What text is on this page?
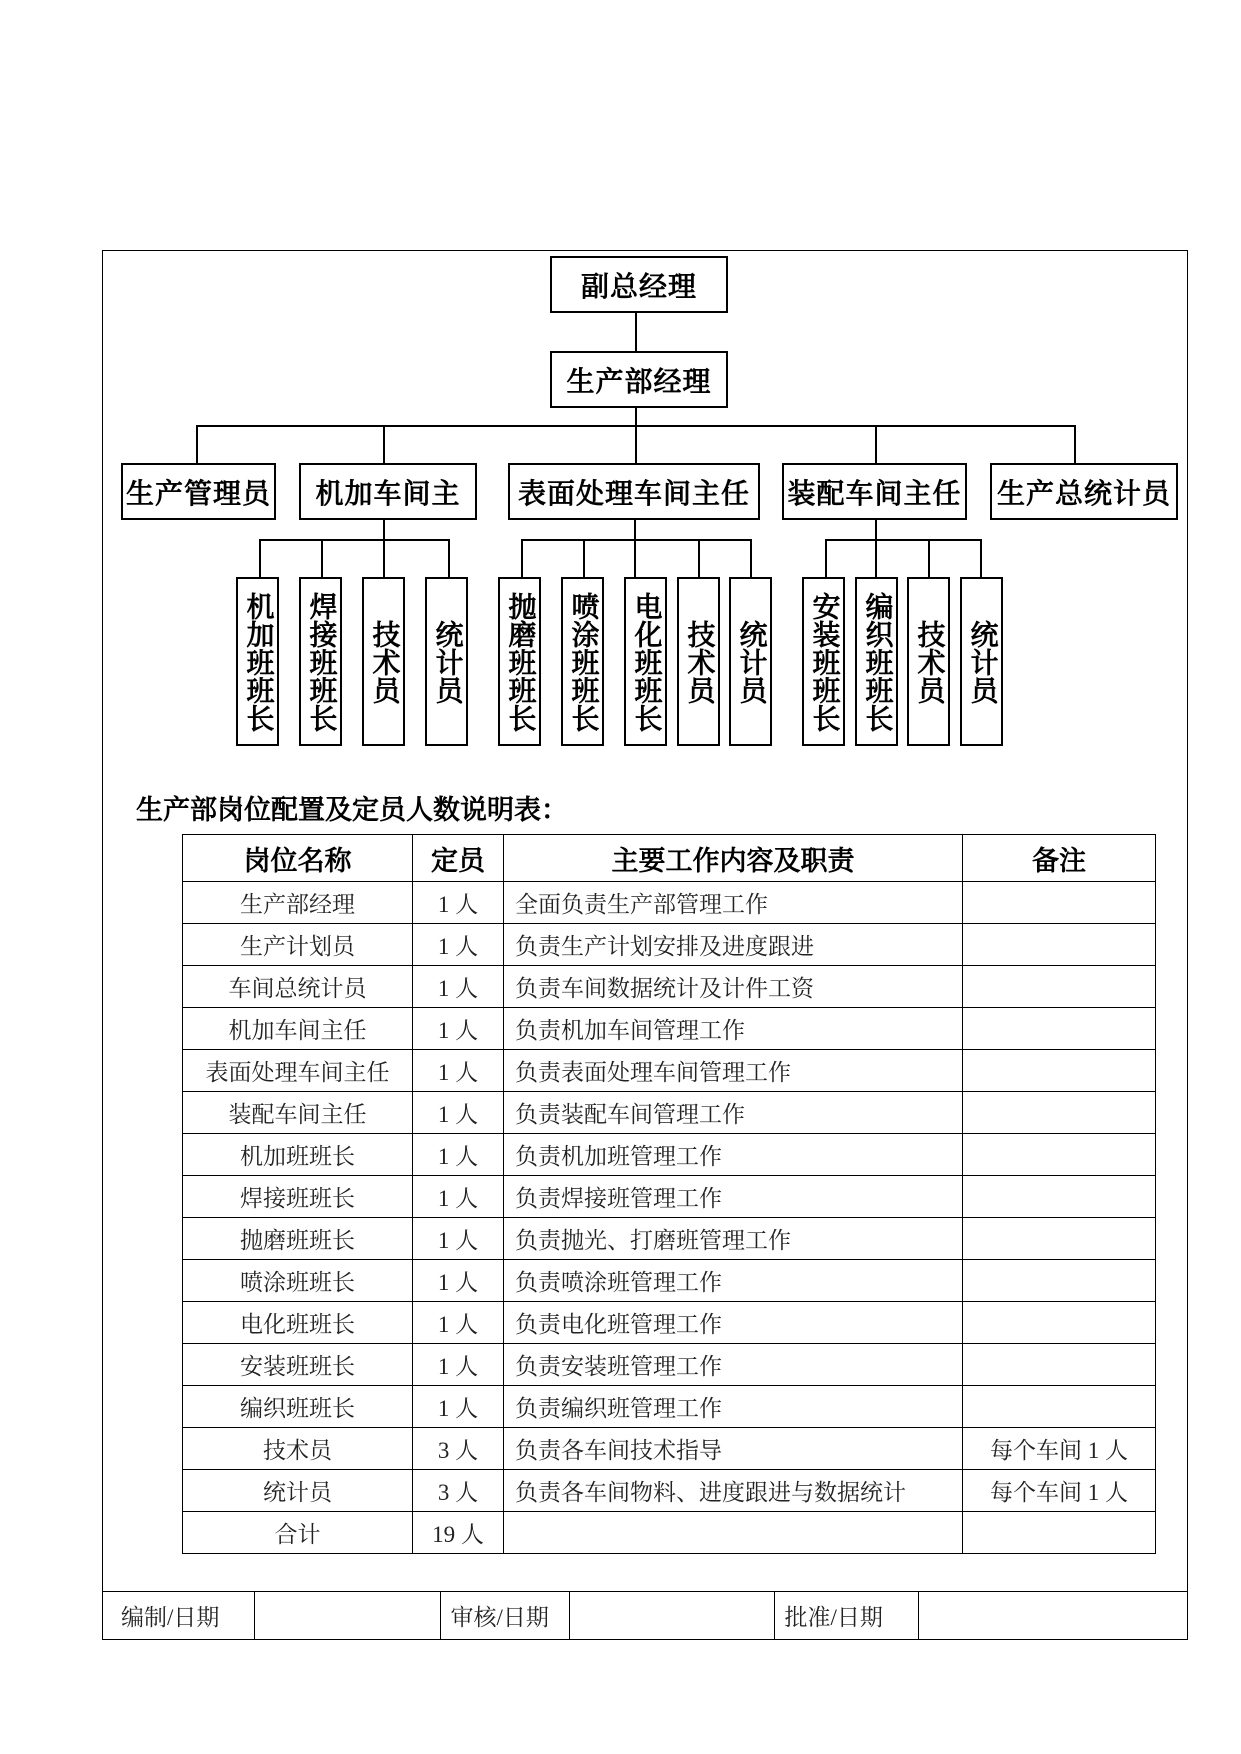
编制/日期		审核/日期		批准/日期	
副总经理
生产部经理
生产管理员	机加车间主	表面处理车间主任	装配车间主任 生产总统计员
机加班班长 焊接班班长 技术员 统计员 抛磨班班长 喷涂班班长 电化班班长 技术员 统计员 安装班班长 编织班班长 技术员 统计员
生产部岗位配置及定员人数说明表：
岗位名称	定员	主要工作内容及职责	备注
生产部经理	1 人	全面负责生产部管理工作	
生产计划员	1 人	负责生产计划安排及进度跟进	
车间总统计员	1 人	负责车间数据统计及计件工资	
机加车间主任	1 人	负责机加车间管理工作	
表面处理车间主任	1 人	负责表面处理车间管理工作	
装配车间主任	1 人	负责装配车间管理工作	
机加班班长	1 人	负责机加班管理工作	
焊接班班长	1 人	负责焊接班管理工作	
抛磨班班长	1 人	负责抛光、打磨班管理工作	
喷涂班班长	1 人	负责喷涂班管理工作	
电化班班长	1 人	负责电化班管理工作	
安装班班长	1 人	负责安装班管理工作	
编织班班长	1 人	负责编织班管理工作	
技术员	3 人	负责各车间技术指导	每个车间 1 人
统计员	3 人	负责各车间物料、进度跟进与数据统计	每个车间 1 人
合计	19 人		
